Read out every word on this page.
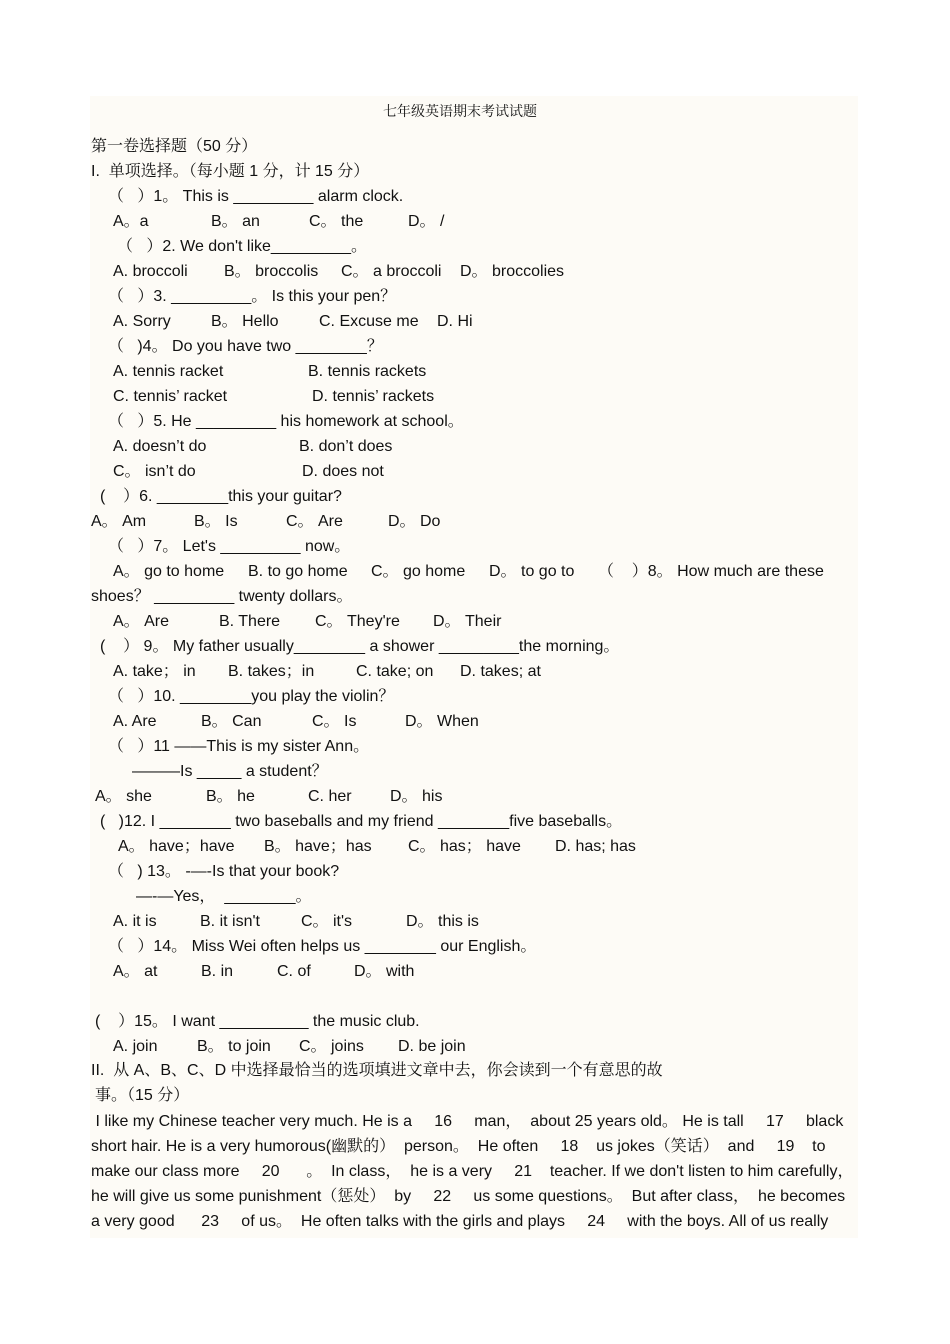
七年级英语期末考试试题
第一卷选择题（50 分）
I.  单项选择。（每小题 1 分，计 15 分）
（   ）1。 This is _________ alarm clock.
A。a	B。 an	C。 the	D。 /
（   ）2. We don't like_________。
A. broccoli B。 broccolis C。 a broccoli D。 broccolies
（   ）3. _________。 Is this your pen？
A. Sorry	B。 Hello	C. Excuse me D. Hi
（   )4。 Do you have two ________？
A. tennis racket	B. tennis rackets
C. tennis’ racket	D. tennis’ rackets
（   ）5. He _________ his homework at school。
A. doesn’t do	B. don’t does
C。 isn’t do	D. does not
(    ）6. ________this your guitar?
A。 Am	B。 Is	C。 Are	D。 Do
（   ）7。 Let's _________ now。
A。 go to home B. to go home C。 go home D。 to go to （    ）8。 How much are these
shoes？ _________ twenty dollars。
A。 Are	B. There C。 They're D。 Their
(    ） 9。 My father usually________ a shower _________the morning。
A. take； in B. takes；in	C. take; on D. takes; at
（   ）10. ________you play the violin？
A. Are	B。 Can	C。 Is	D。 When
（   ）11 ——This is my sister Ann。
———Is _____ a student？
A。 she	B。 he	C. her D。 his
(   )12. I ________ two baseballs and my friend ________five baseballs。
A。 have；have B。 have；has C。 has； have D. has; has
（   ) 13。 -—-Is that your book?
—-—Yes，  ________。
A. it is	B. it isn't	C。 it's	D。 this is
（   ）14。 Miss Wei often helps us ________ our English。
A。 at	B. in	C. of	D。 with
(    ）15。 I want __________ the music club.
A. join B。 to join C。 joins D. be join
II.  从 A、B、C、D 中选择最恰当的选项填进文章中去，你会读到一个有意思的故
事。（15 分）
I like my Chinese teacher very much. He is a     16     man，  about 25 years old。 He is tall     17     black
short hair. He is a very humorous(幽默的）  person。  He often     18    us jokes（笑话）  and     19    to
make our class more     20      。  In class，  he is a very     21    teacher. If we don't listen to him carefully，
he will give us some punishment（惩处）  by     22     us some questions。  But after class，  he becomes
a very good      23     of us。  He often talks with the girls and plays     24     with the boys. All of us really
